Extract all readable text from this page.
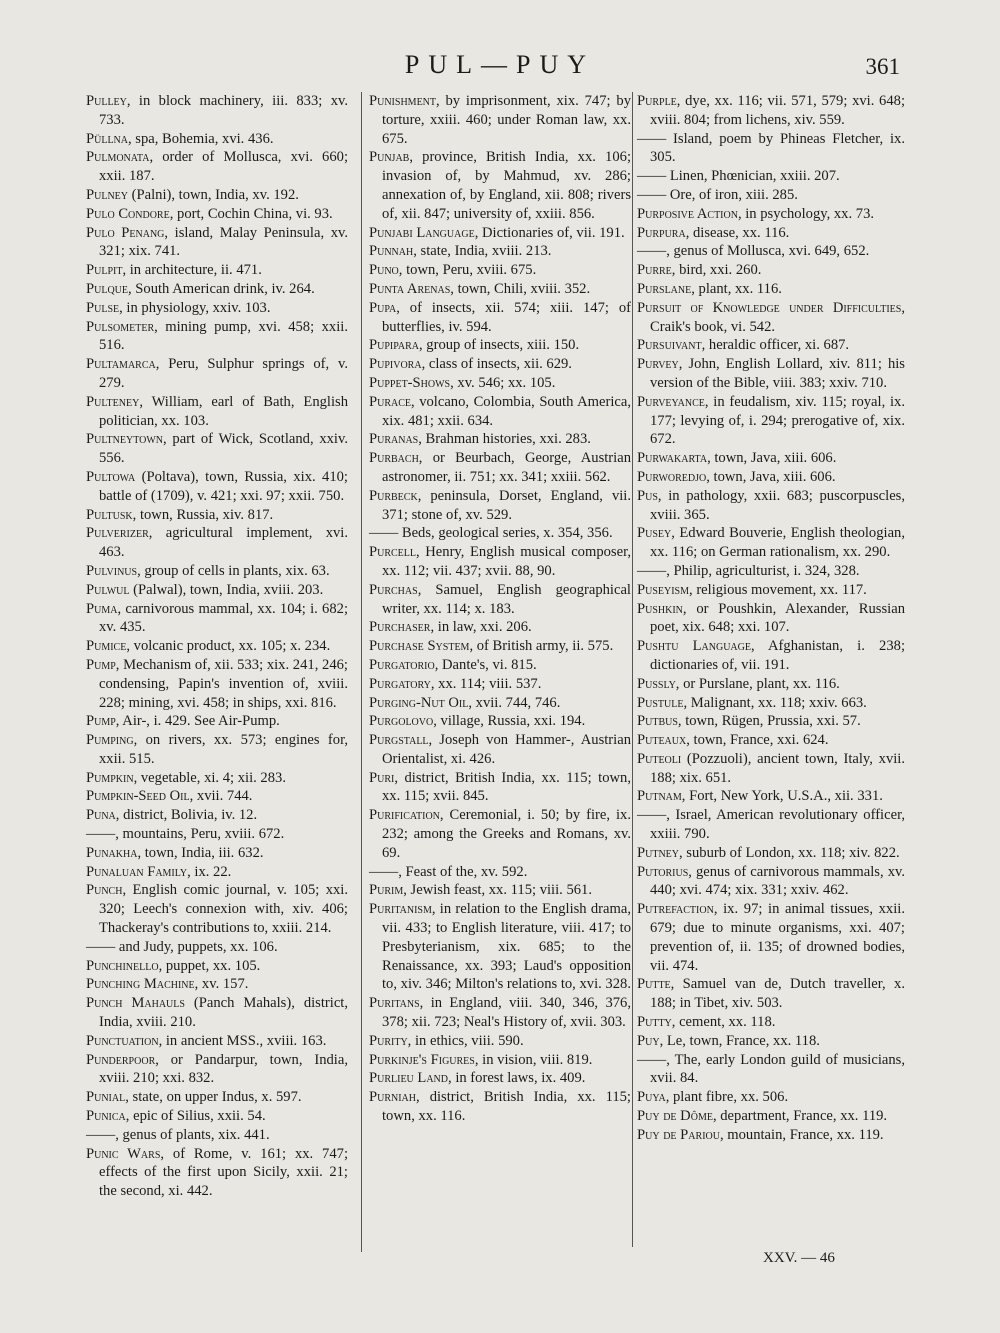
PUL—PUY	361

Pulley, in block machinery, iii. 833; xv. 733.

Püllna, spa, Bohemia, xvi. 436.

Pulmonata, order of Mollusca, xvi. 660; xxii. 187.

Pulney (Palni), town, India, xv. 192.

Pulo Condore, port, Cochin China, vi. 93.

Pulo Penang, island, Malay Peninsula, xv. 321; xix. 741.

Pulpit, in architecture, ii. 471.

Pulque, South American drink, iv. 264.

Pulse, in physiology, xxiv. 103.

Pulsometer, mining pump, xvi. 458; xxii. 516.

Pultamarca, Peru, Sulphur springs of, v. 279.

Pulteney, William, earl of Bath, English politician, xx. 103.

Pultneytown, part of Wick, Scotland, xxiv. 556.

Pultowa (Poltava), town, Russia, xix. 410; battle of (1709), v. 421; xxi. 97; xxii. 750.

Pultusk, town, Russia, xiv. 817.

Pulverizer, agricultural implement, xvi. 463.

Pulvinus, group of cells in plants, xix. 63.

Pulwul (Palwal), town, India, xviii. 203.

Puma, carnivorous mammal, xx. 104; i. 682; xv. 435.

Pumice, volcanic product, xx. 105; x. 234.

Pump, Mechanism of, xii. 533; xix. 241, 246; condensing, Papin's invention of, xviii. 228; mining, xvi. 458; in ships, xxi. 816.

Pump, Air-, i. 429. See Air-Pump.

Pumping, on rivers, xx. 573; engines for, xxii. 515.

Pumpkin, vegetable, xi. 4; xii. 283.

Pumpkin-Seed Oil, xvii. 744.

Puna, district, Bolivia, iv. 12.

——, mountains, Peru, xviii. 672.

Punakha, town, India, iii. 632.

Punaluan Family, ix. 22.

Punch, English comic journal, v. 105; xxi. 320; Leech's connexion with, xiv. 406; Thackeray's contributions to, xxiii. 214.

—— and Judy, puppets, xx. 106.

Punchinello, puppet, xx. 105.

Punching Machine, xv. 157.

Punch Mahauls (Panch Mahals), district, India, xviii. 210.

Punctuation, in ancient MSS., xviii. 163.

Punderpoor, or Pandarpur, town, India, xviii. 210; xxi. 832.

Punial, state, on upper Indus, x. 597.

Punica, epic of Silius, xxii. 54.

——, genus of plants, xix. 441.

Punic Wars, of Rome, v. 161; xx. 747; effects of the first upon Sicily, xxii. 21; the second, xi. 442.

Punishment, by imprisonment, xix. 747; by torture, xxiii. 460; under Roman law, xx. 675.

Punjab, province, British India, xx. 106; invasion of, by Mahmud, xv. 286; annexation of, by England, xii. 808; rivers of, xii. 847; university of, xxiii. 856.

Punjabi Language, Dictionaries of, vii. 191.

Punnah, state, India, xviii. 213.

Puno, town, Peru, xviii. 675.

Punta Arenas, town, Chili, xviii. 352.

Pupa, of insects, xii. 574; xiii. 147; of butterflies, iv. 594.

Pupipara, group of insects, xiii. 150.

Pupivora, class of insects, xii. 629.

Puppet-Shows, xv. 546; xx. 105.

Purace, volcano, Colombia, South America, xix. 481; xxii. 634.

Puranas, Brahman histories, xxi. 283.

Purbach, or Beurbach, George, Austrian astronomer, ii. 751; xx. 341; xxiii. 562.

Purbeck, peninsula, Dorset, England, vii. 371; stone of, xv. 529.

—— Beds, geological series, x. 354, 356.

Purcell, Henry, English musical composer, xx. 112; vii. 437; xvii. 88, 90.

Purchas, Samuel, English geographical writer, xx. 114; x. 183.

Purchaser, in law, xxi. 206.

Purchase System, of British army, ii. 575.

Purgatorio, Dante's, vi. 815.

Purgatory, xx. 114; viii. 537.

Purging-Nut Oil, xvii. 744, 746.

Purgolovo, village, Russia, xxi. 194.

Purgstall, Joseph von Hammer-, Austrian Orientalist, xi. 426.

Puri, district, British India, xx. 115; town, xx. 115; xvii. 845.

Purification, Ceremonial, i. 50; by fire, ix. 232; among the Greeks and Romans, xv. 69.

——, Feast of the, xv. 592.

Purim, Jewish feast, xx. 115; viii. 561.

Puritanism, in relation to the English drama, vii. 433; to English literature, viii. 417; to Presbyterianism, xix. 685; to the Renaissance, xx. 393; Laud's opposition to, xiv. 346; Milton's relations to, xvi. 328.

Puritans, in England, viii. 340, 346, 376, 378; xii. 723; Neal's History of, xvii. 303.

Purity, in ethics, viii. 590.

Purkinje's Figures, in vision, viii. 819.

Purlieu Land, in forest laws, ix. 409.

Purniah, district, British India, xx. 115; town, xx. 116.

Purple, dye, xx. 116; vii. 571, 579; xvi. 648; xviii. 804; from lichens, xiv. 559.

—— Island, poem by Phineas Fletcher, ix. 305.

—— Linen, Phœnician, xxiii. 207.

—— Ore, of iron, xiii. 285.

Purposive Action, in psychology, xx. 73.

Purpura, disease, xx. 116.

——, genus of Mollusca, xvi. 649, 652.

Purre, bird, xxi. 260.

Purslane, plant, xx. 116.

Pursuit of Knowledge under Difficulties, Craik's book, vi. 542.

Pursuivant, heraldic officer, xi. 687.

Purvey, John, English Lollard, xiv. 811; his version of the Bible, viii. 383; xxiv. 710.

Purveyance, in feudalism, xiv. 115; royal, ix. 177; levying of, i. 294; prerogative of, xix. 672.

Purwakarta, town, Java, xiii. 606.

Purworedjo, town, Java, xiii. 606.

Pus, in pathology, xxii. 683; puscorpuscles, xviii. 365.

Pusey, Edward Bouverie, English theologian, xx. 116; on German rationalism, xx. 290.

——, Philip, agriculturist, i. 324, 328.

Puseyism, religious movement, xx. 117.

Pushkin, or Poushkin, Alexander, Russian poet, xix. 648; xxi. 107.

Pushtu Language, Afghanistan, i. 238; dictionaries of, vii. 191.

Pussly, or Purslane, plant, xx. 116.

Pustule, Malignant, xx. 118; xxiv. 663.

Putbus, town, Rügen, Prussia, xxi. 57.

Puteaux, town, France, xxi. 624.

Puteoli (Pozzuoli), ancient town, Italy, xvii. 188; xix. 651.

Putnam, Fort, New York, U.S.A., xii. 331.

——, Israel, American revolutionary officer, xxiii. 790.

Putney, suburb of London, xx. 118; xiv. 822.

Putorius, genus of carnivorous mammals, xv. 440; xvi. 474; xix. 331; xxiv. 462.

Putrefaction, ix. 97; in animal tissues, xxii. 679; due to minute organisms, xxi. 407; prevention of, ii. 135; of drowned bodies, vii. 474.

Putte, Samuel van de, Dutch traveller, x. 188; in Tibet, xiv. 503.

Putty, cement, xx. 118.

Puy, Le, town, France, xx. 118.

——, The, early London guild of musicians, xvii. 84.

Puya, plant fibre, xx. 506.

Puy de Dôme, department, France, xx. 119.

Puy de Pariou, mountain, France, xx. 119.

XXV. — 46
